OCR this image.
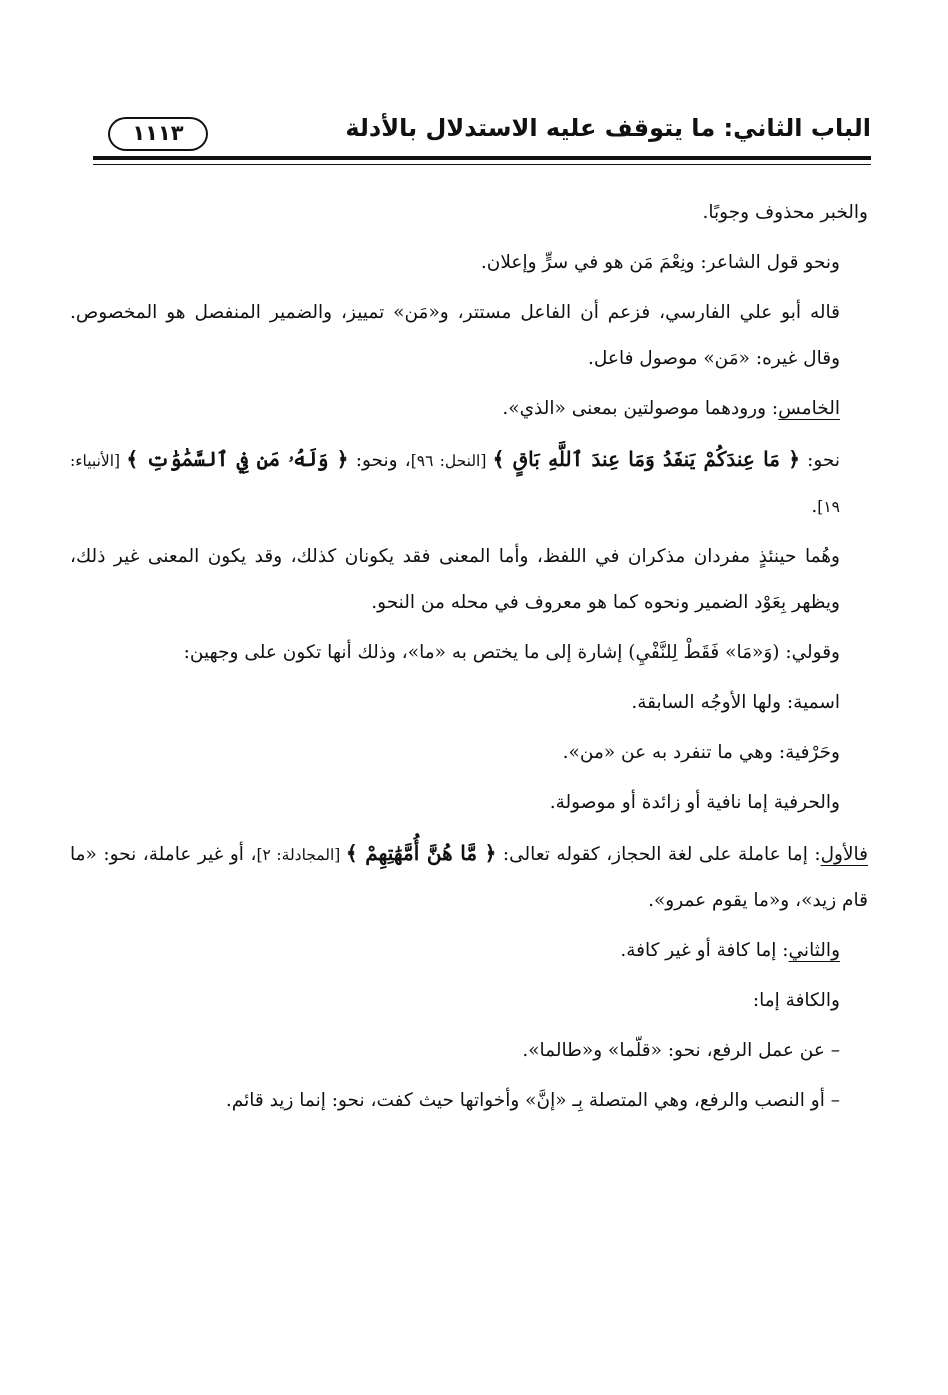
الباب الثاني: ما يتوقف عليه الاستدلال بالأدلة
١١١٣

والخبر محذوف وجوبًا.

ونحو قول الشاعر: ونِعْمَ مَن هو في سرٍّ وإعلان.

قاله أبو علي الفارسي، فزعم أن الفاعل مستتر، و«مَن» تمييز، والضمير المنفصل هو المخصوص. وقال غيره: «مَن» موصول فاعل.

الخامس: ورودهما موصولتين بمعنى «الذي».

نحو: ﴿ مَا عِندَكُمْ يَنفَدُ وَمَا عِندَ ٱللَّهِ بَاقٍ ﴾ [النحل: ٩٦]، ونحو: ﴿ وَلَهُۥ مَن فِي ٱلسَّمَٰوَٰتِ ﴾ [الأنبياء: ١٩].

وهُما حينئذٍ مفردان مذكران في اللفظ، وأما المعنى فقد يكونان كذلك، وقد يكون المعنى غير ذلك، ويظهر بِعَوْد الضمير ونحوه كما هو معروف في محله من النحو.

وقولي: (وَ«مَا» فَقَطْ لِلنَّفْيِ) إشارة إلى ما يختص به «ما»، وذلك أنها تكون على وجهين:

اسمية: ولها الأوجُه السابقة.

وحَرْفية: وهي ما تنفرد به عن «من».

والحرفية إما نافية أو زائدة أو موصولة.

فالأول: إما عاملة على لغة الحجاز، كقوله تعالى: ﴿ مَّا هُنَّ أُمَّهَٰتِهِمْ ﴾ [المجادلة: ٢]، أو غير عاملة، نحو: «ما قام زيد»، و«ما يقوم عمرو».

والثاني: إما كافة أو غير كافة.

والكافة إما:

– عن عمل الرفع، نحو: «قلّما» و«طالما».

– أو النصب والرفع، وهي المتصلة بِـ «إنَّ» وأخواتها حيث كفت، نحو: إنما زيد قائم.
